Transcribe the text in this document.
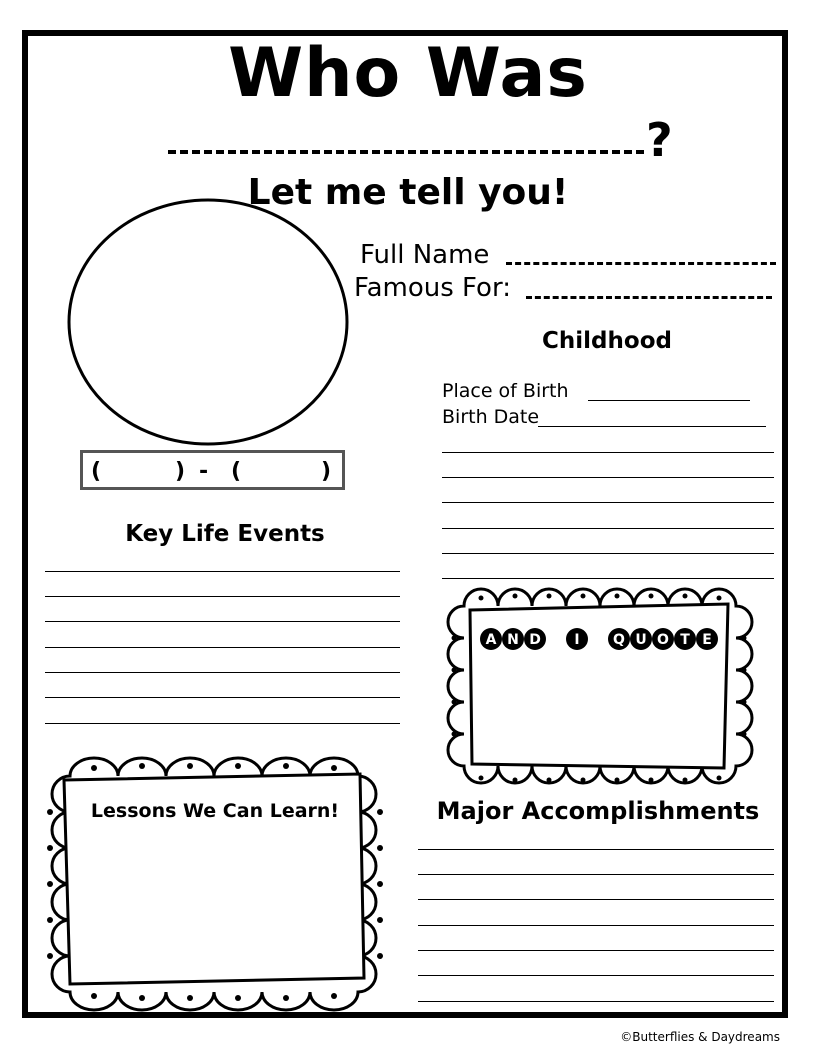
Who Was
?
Let me tell you!
(	) - (	)
Full Name
Famous For:
Childhood
Place of Birth
Birth Date
Key Life Events
A N D I Q U O T E
Lessons We Can Learn!	Major Accomplishments
©Butterflies & Daydreams
